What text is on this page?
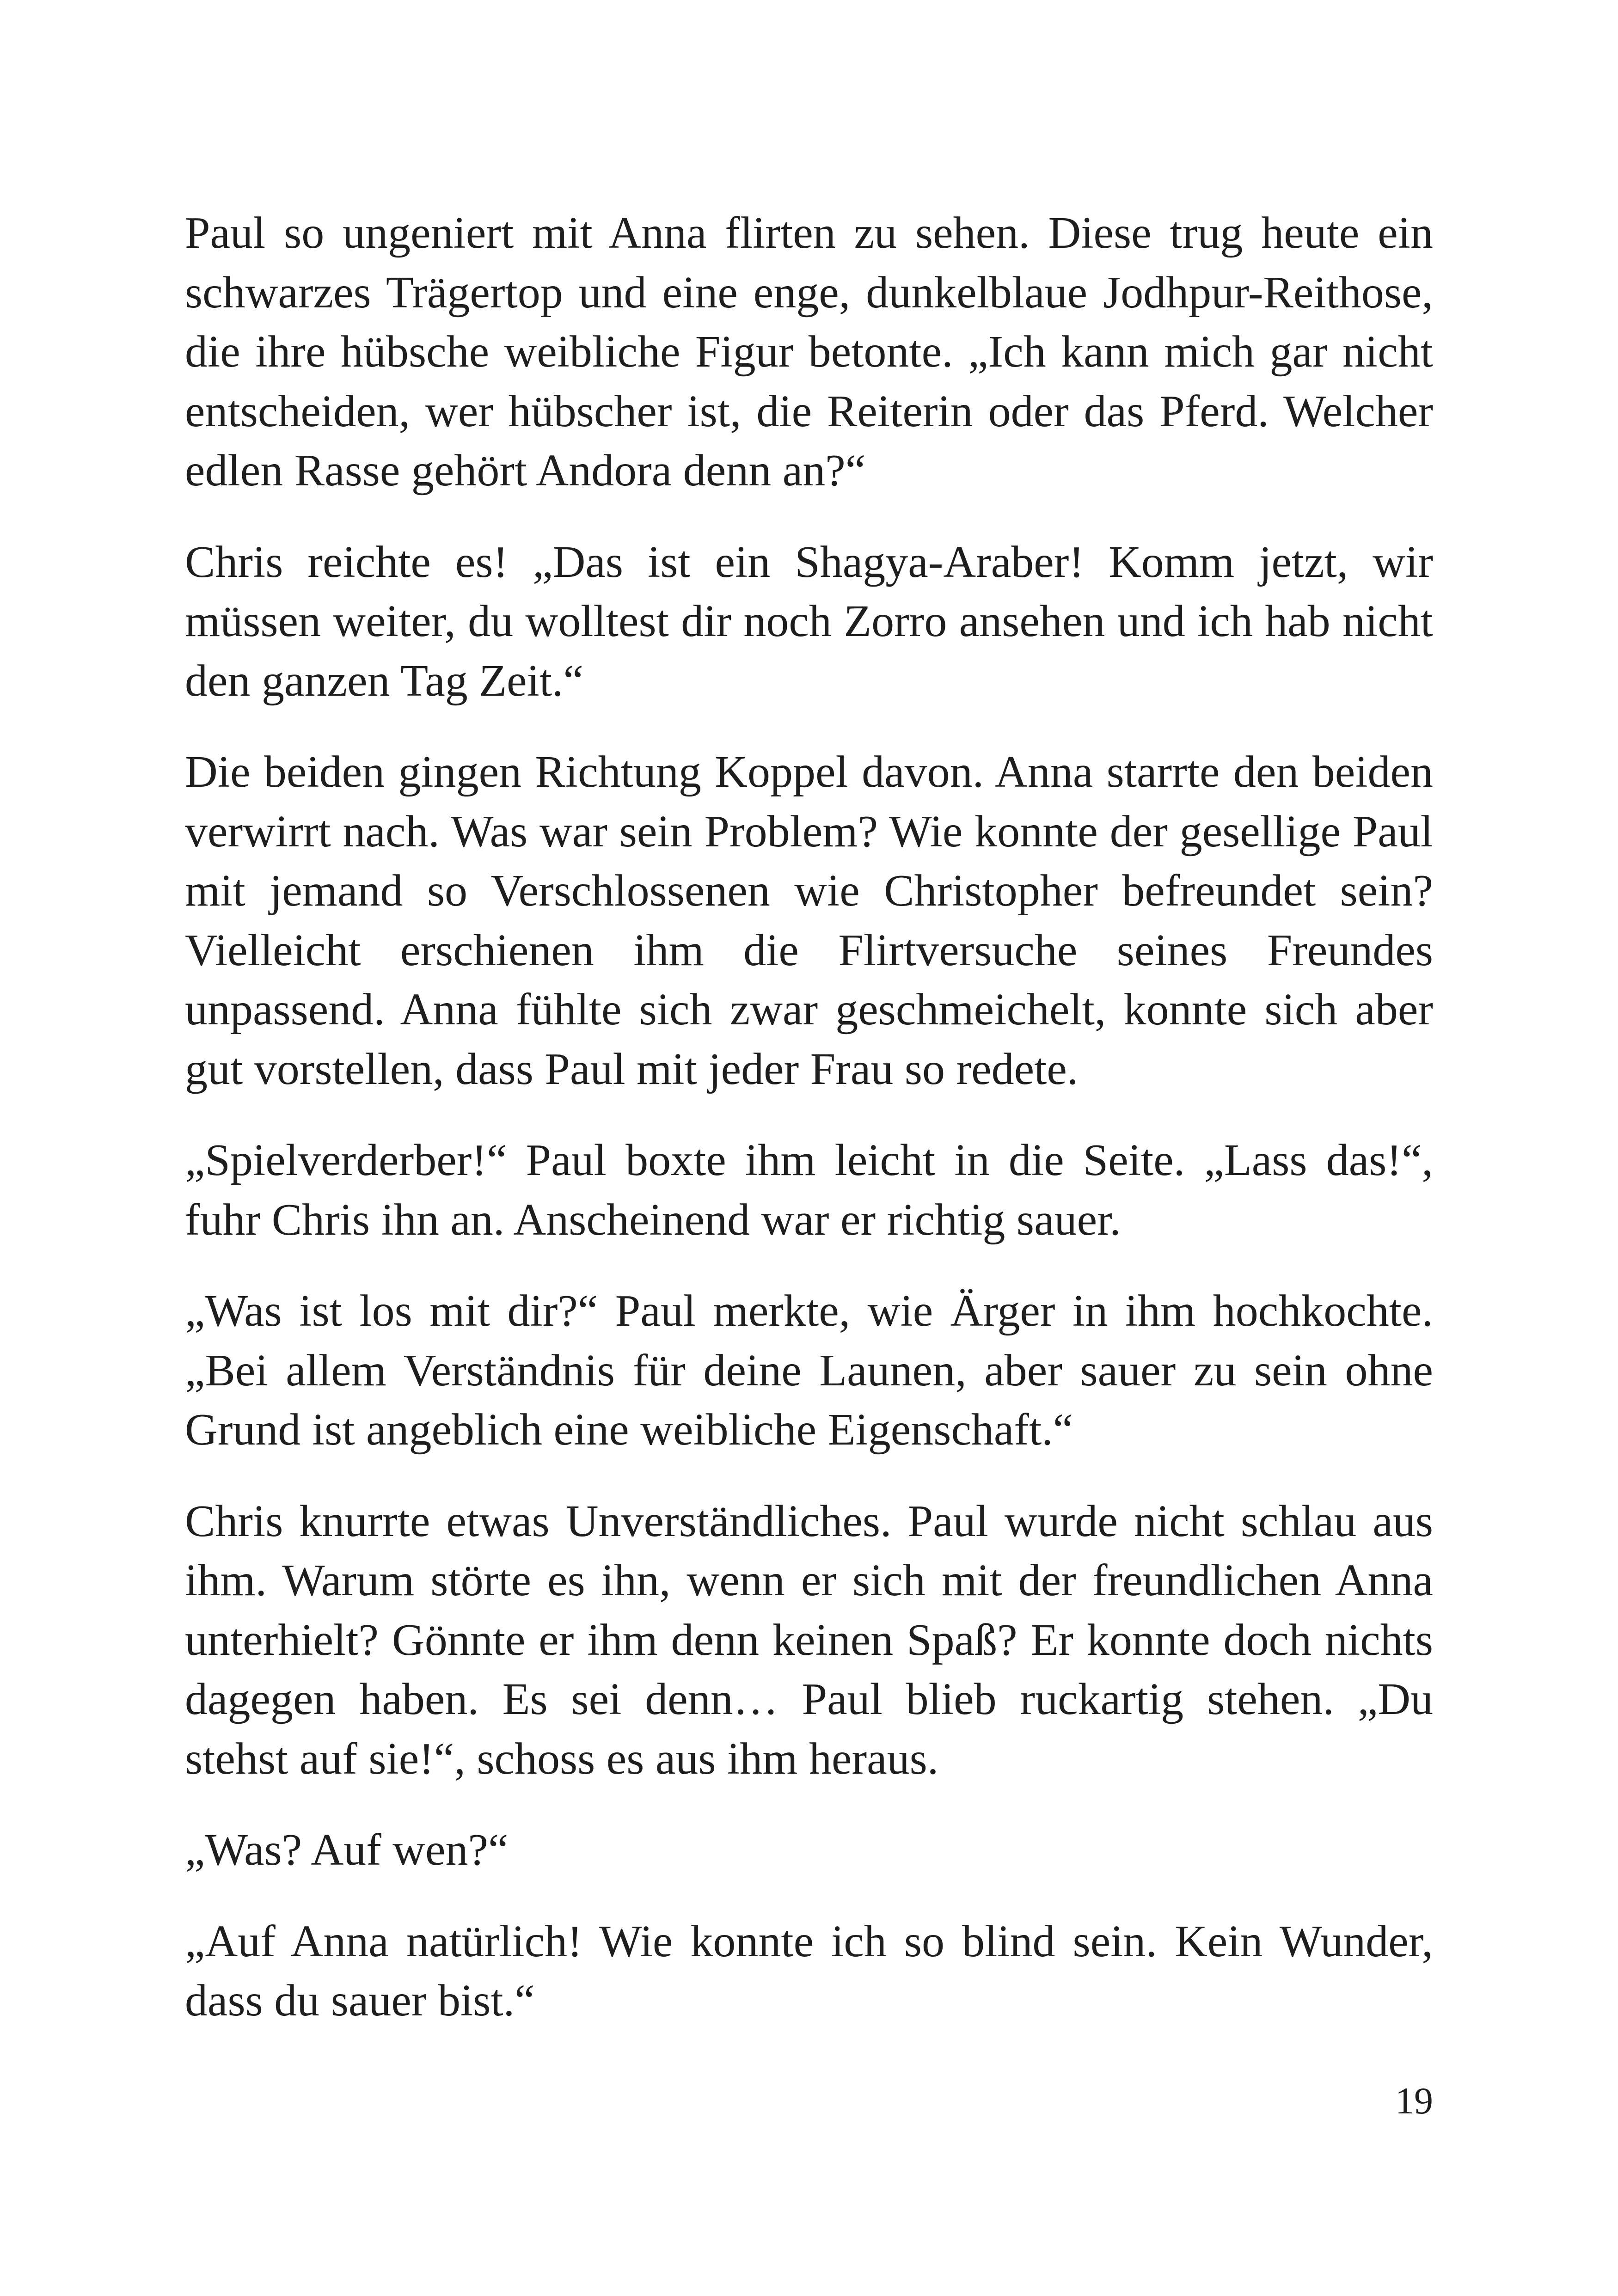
Paul so ungeniert mit Anna flirten zu sehen. Diese trug heute ein schwarzes Trägertop und eine enge, dunkelblaue Jodhpur-Reithose, die ihre hübsche weibliche Figur betonte. „Ich kann mich gar nicht entscheiden, wer hübscher ist, die Reiterin oder das Pferd. Welcher edlen Rasse gehört Andora denn an?“

Chris reichte es! „Das ist ein Shagya-Araber! Komm jetzt, wir müssen weiter, du wolltest dir noch Zorro ansehen und ich hab nicht den ganzen Tag Zeit.“

Die beiden gingen Richtung Koppel davon. Anna starrte den beiden verwirrt nach. Was war sein Problem? Wie konnte der gesellige Paul mit jemand so Verschlossenen wie Christopher befreundet sein? Vielleicht erschienen ihm die Flirtversuche seines Freundes unpassend. Anna fühlte sich zwar geschmeichelt, konnte sich aber gut vorstellen, dass Paul mit jeder Frau so redete.

„Spielverderber!“ Paul boxte ihm leicht in die Seite. „Lass das!“, fuhr Chris ihn an. Anscheinend war er richtig sauer.

„Was ist los mit dir?“ Paul merkte, wie Ärger in ihm hochkochte. „Bei allem Verständnis für deine Launen, aber sauer zu sein ohne Grund ist angeblich eine weibliche Eigenschaft.“

Chris knurrte etwas Unverständliches. Paul wurde nicht schlau aus ihm. Warum störte es ihn, wenn er sich mit der freundlichen Anna unterhielt? Gönnte er ihm denn keinen Spaß? Er konnte doch nichts dagegen haben. Es sei denn… Paul blieb ruckartig stehen. „Du stehst auf sie!“, schoss es aus ihm heraus.

„Was? Auf wen?“

„Auf Anna natürlich! Wie konnte ich so blind sein. Kein Wunder, dass du sauer bist.“

19
